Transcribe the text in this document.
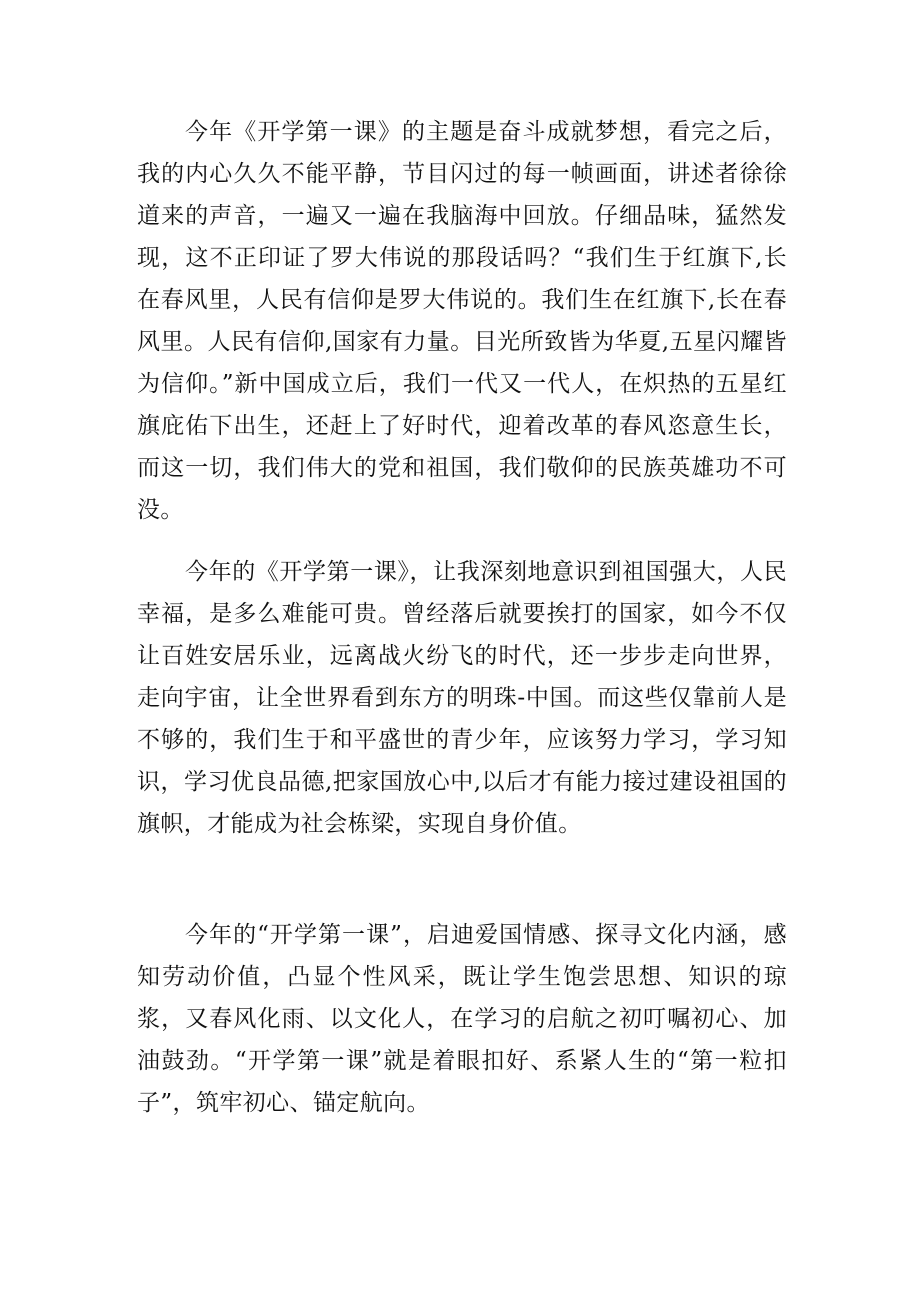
今年《开学第一课》的主题是奋斗成就梦想，看完之后，我的内心久久不能平静，节目闪过的每一帧画面，讲述者徐徐道来的声音，一遍又一遍在我脑海中回放。仔细品味，猛然发现，这不正印证了罗大伟说的那段话吗？“我们生于红旗下,长在春风里，人民有信仰是罗大伟说的。我们生在红旗下,长在春风里。人民有信仰,国家有力量。目光所致皆为华夏,五星闪耀皆为信仰。”新中国成立后，我们一代又一代人，在炽热的五星红旗庇佑下出生，还赶上了好时代，迎着改革的春风恣意生长，而这一切，我们伟大的党和祖国，我们敬仰的民族英雄功不可没。

今年的《开学第一课》，让我深刻地意识到祖国强大，人民幸福，是多么难能可贵。曾经落后就要挨打的国家，如今不仅让百姓安居乐业，远离战火纷飞的时代，还一步步走向世界，走向宇宙，让全世界看到东方的明珠-中国。而这些仅靠前人是不够的，我们生于和平盛世的青少年，应该努力学习，学习知识，学习优良品德,把家国放心中,以后才有能力接过建设祖国的旗帜，才能成为社会栋梁，实现自身价值。

今年的“开学第一课”，启迪爱国情感、探寻文化内涵，感知劳动价值，凸显个性风采，既让学生饱尝思想、知识的琼浆，又春风化雨、以文化人，在学习的启航之初叮嘱初心、加油鼓劲。“开学第一课”就是着眼扣好、系紧人生的“第一粒扣子”，筑牢初心、锚定航向。
